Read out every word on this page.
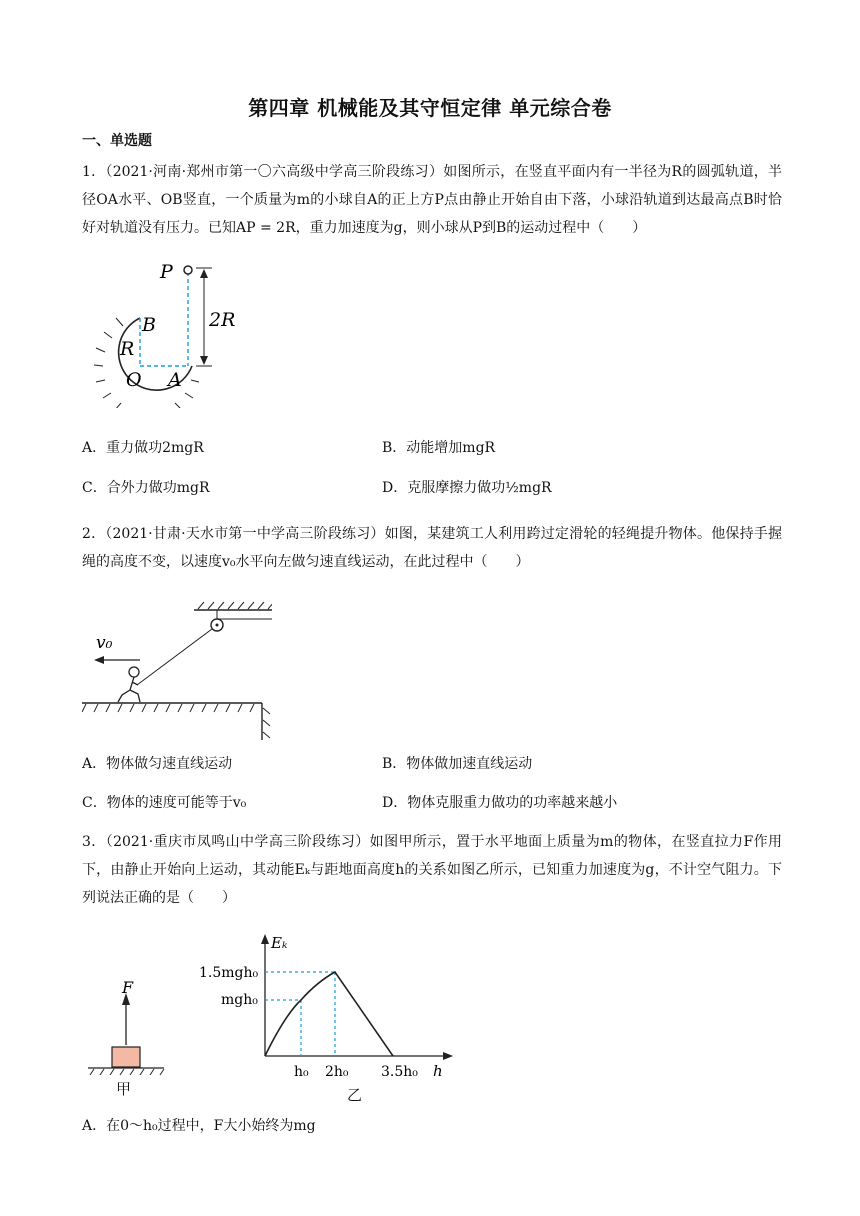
第四章 机械能及其守恒定律 单元综合卷
一、单选题
1．（2021·河南·郑州市第一〇六高级中学高三阶段练习）如图所示，在竖直平面内有一半径为R的圆弧轨道，半径OA水平、OB竖直，一个质量为m的小球自A的正上方P点由静止开始自由下落，小球沿轨道到达最高点B时恰好对轨道没有压力。已知AP = 2R，重力加速度为g，则小球从P到B的运动过程中（　　）
P
B
R
O A
2R
A．重力做功2mgR	B．动能增加mgR
C．合外力做功mgR	D．克服摩擦力做功½mgR
2．（2021·甘肃·天水市第一中学高三阶段练习）如图，某建筑工人利用跨过定滑轮的轻绳提升物体。他保持手握绳的高度不变，以速度v₀水平向左做匀速直线运动，在此过程中（　　）
v₀
A．物体做匀速直线运动	B．物体做加速直线运动
C．物体的速度可能等于v₀	D．物体克服重力做功的功率越来越小
3．（2021·重庆市凤鸣山中学高三阶段练习）如图甲所示，置于水平地面上质量为m的物体，在竖直拉力F作用下，由静止开始向上运动，其动能Eₖ与距地面高度h的关系如图乙所示，已知重力加速度为g，不计空气阻力。下列说法正确的是（　　）
F
甲
Eₖ
h
1.5mgh₀
mgh₀
h₀ 2h₀ 3.5h₀
乙
A．在0～h₀过程中，F大小始终为mg
